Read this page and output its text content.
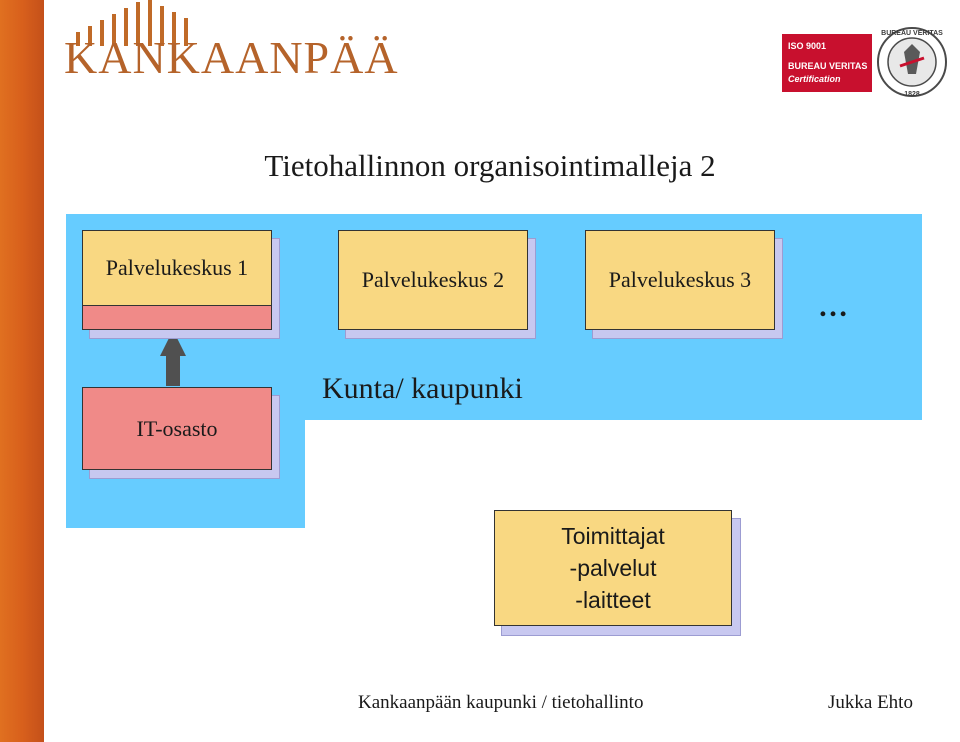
KANKAANPÄÄ	ISO 9001
BUREAU VERITAS
Certification
BUREAU VERITAS
1828
Tietohallinnon organisointimalleja 2
Palvelukeskus 1	Palvelukeskus 2	Palvelukeskus 3
…
IT-osasto
Kunta/ kaupunki
Toimittajat
-palvelut
-laitteet
Kankaanpään kaupunki / tietohallinto	Jukka Ehto
